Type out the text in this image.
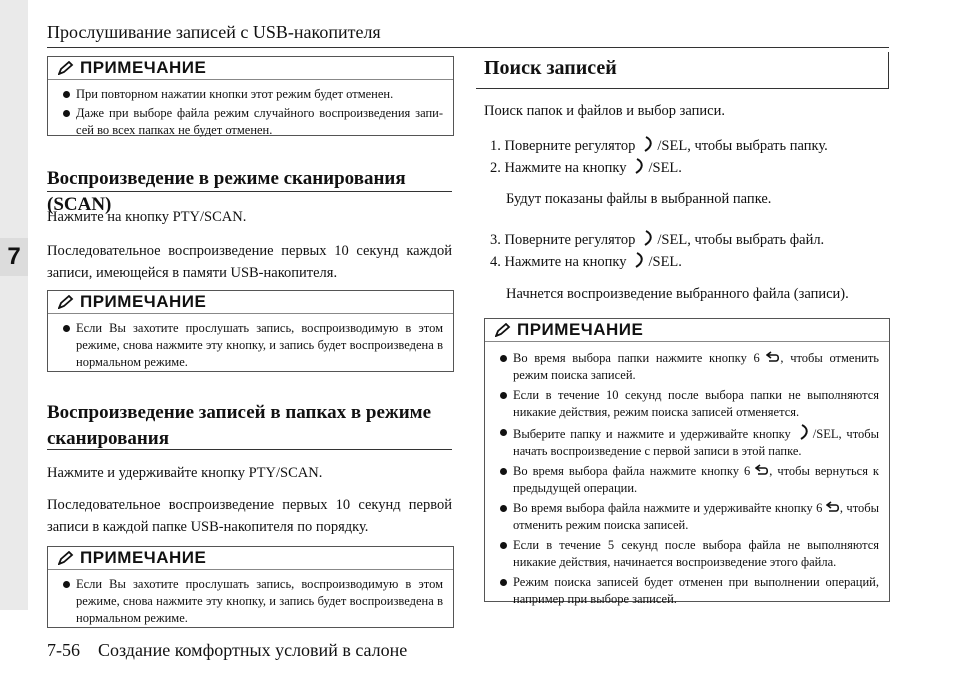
7
Прослушивание записей с USB-накопителя
ПРИМЕЧАНИЕ
При повторном нажатии кнопки этот режим будет отменен.
Даже при выборе файла режим случайного воспроизведения запи-сей во всех папках не будет отменен.
Воспроизведение в режиме сканирования (SCAN)
Нажмите на кнопку PTY/SCAN.
Последовательное воспроизведение первых 10 секунд каждой записи, имеющейся в памяти USB-накопителя.
ПРИМЕЧАНИЕ
Если Вы захотите прослушать запись, воспроизводимую в этом режиме, снова нажмите эту кнопку, и запись будет воспроизведена в нормальном режиме.
Воспроизведение записей в папках в режиме сканирования
Нажмите и удерживайте кнопку PTY/SCAN.
Последовательное воспроизведение первых 10 секунд первой записи в каждой папке USB-накопителя по порядку.
ПРИМЕЧАНИЕ
Если Вы захотите прослушать запись, воспроизводимую в этом режиме, снова нажмите эту кнопку, и запись будет воспроизведена в нормальном режиме.
Поиск записей
Поиск папок и файлов и выбор записи.
1. Поверните регулятор /SEL, чтобы выбрать папку.
2. Нажмите на кнопку /SEL.
Будут показаны файлы в выбранной папке.
3. Поверните регулятор /SEL, чтобы выбрать файл.
4. Нажмите на кнопку /SEL.
Начнется воспроизведение выбранного файла (записи).
ПРИМЕЧАНИЕ
Во время выбора папки нажмите кнопку 6 , чтобы отменить режим поиска записей.
Если в течение 10 секунд после выбора папки не выполняются никакие действия, режим поиска записей отменяется.
Выберите папку и нажмите и удерживайте кнопку /SEL, чтобы начать воспроизведение с первой записи в этой папке.
Во время выбора файла нажмите кнопку 6 , чтобы вернуться к предыдущей операции.
Во время выбора файла нажмите и удерживайте кнопку 6 , чтобы отменить режим поиска записей.
Если в течение 5 секунд после выбора файла не выполняются никакие действия, начинается воспроизведение этого файла.
Режим поиска записей будет отменен при выполнении операций, например при выборе записей.
7-56    Создание комфортных условий в салоне
